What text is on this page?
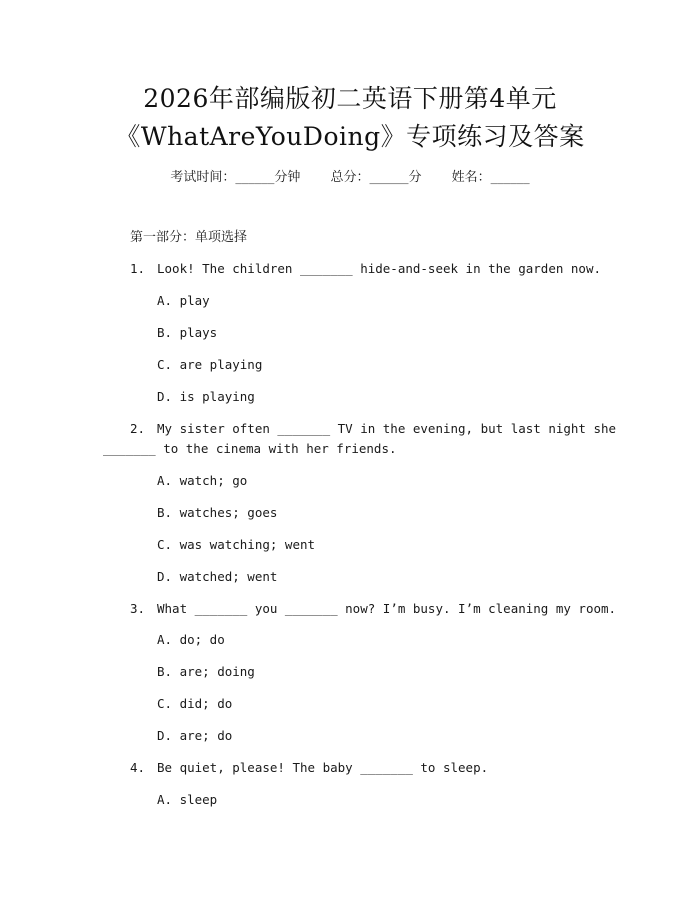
2026年部编版初二英语下册第4单元
《WhatAreYouDoing》专项练习及答案
考试时间：______分钟 总分：______分 姓名：______
第一部分：单项选择
1. Look! The children _______ hide-and-seek in the garden now.
A. play
B. plays
C. are playing
D. is playing
2. My sister often _______ TV in the evening, but last night she
_______ to the cinema with her friends.
A. watch; go
B. watches; goes
C. was watching; went
D. watched; went
3. What _______ you _______ now? I’m busy. I’m cleaning my room.
A. do; do
B. are; doing
C. did; do
D. are; do
4. Be quiet, please! The baby _______ to sleep.
A. sleep
